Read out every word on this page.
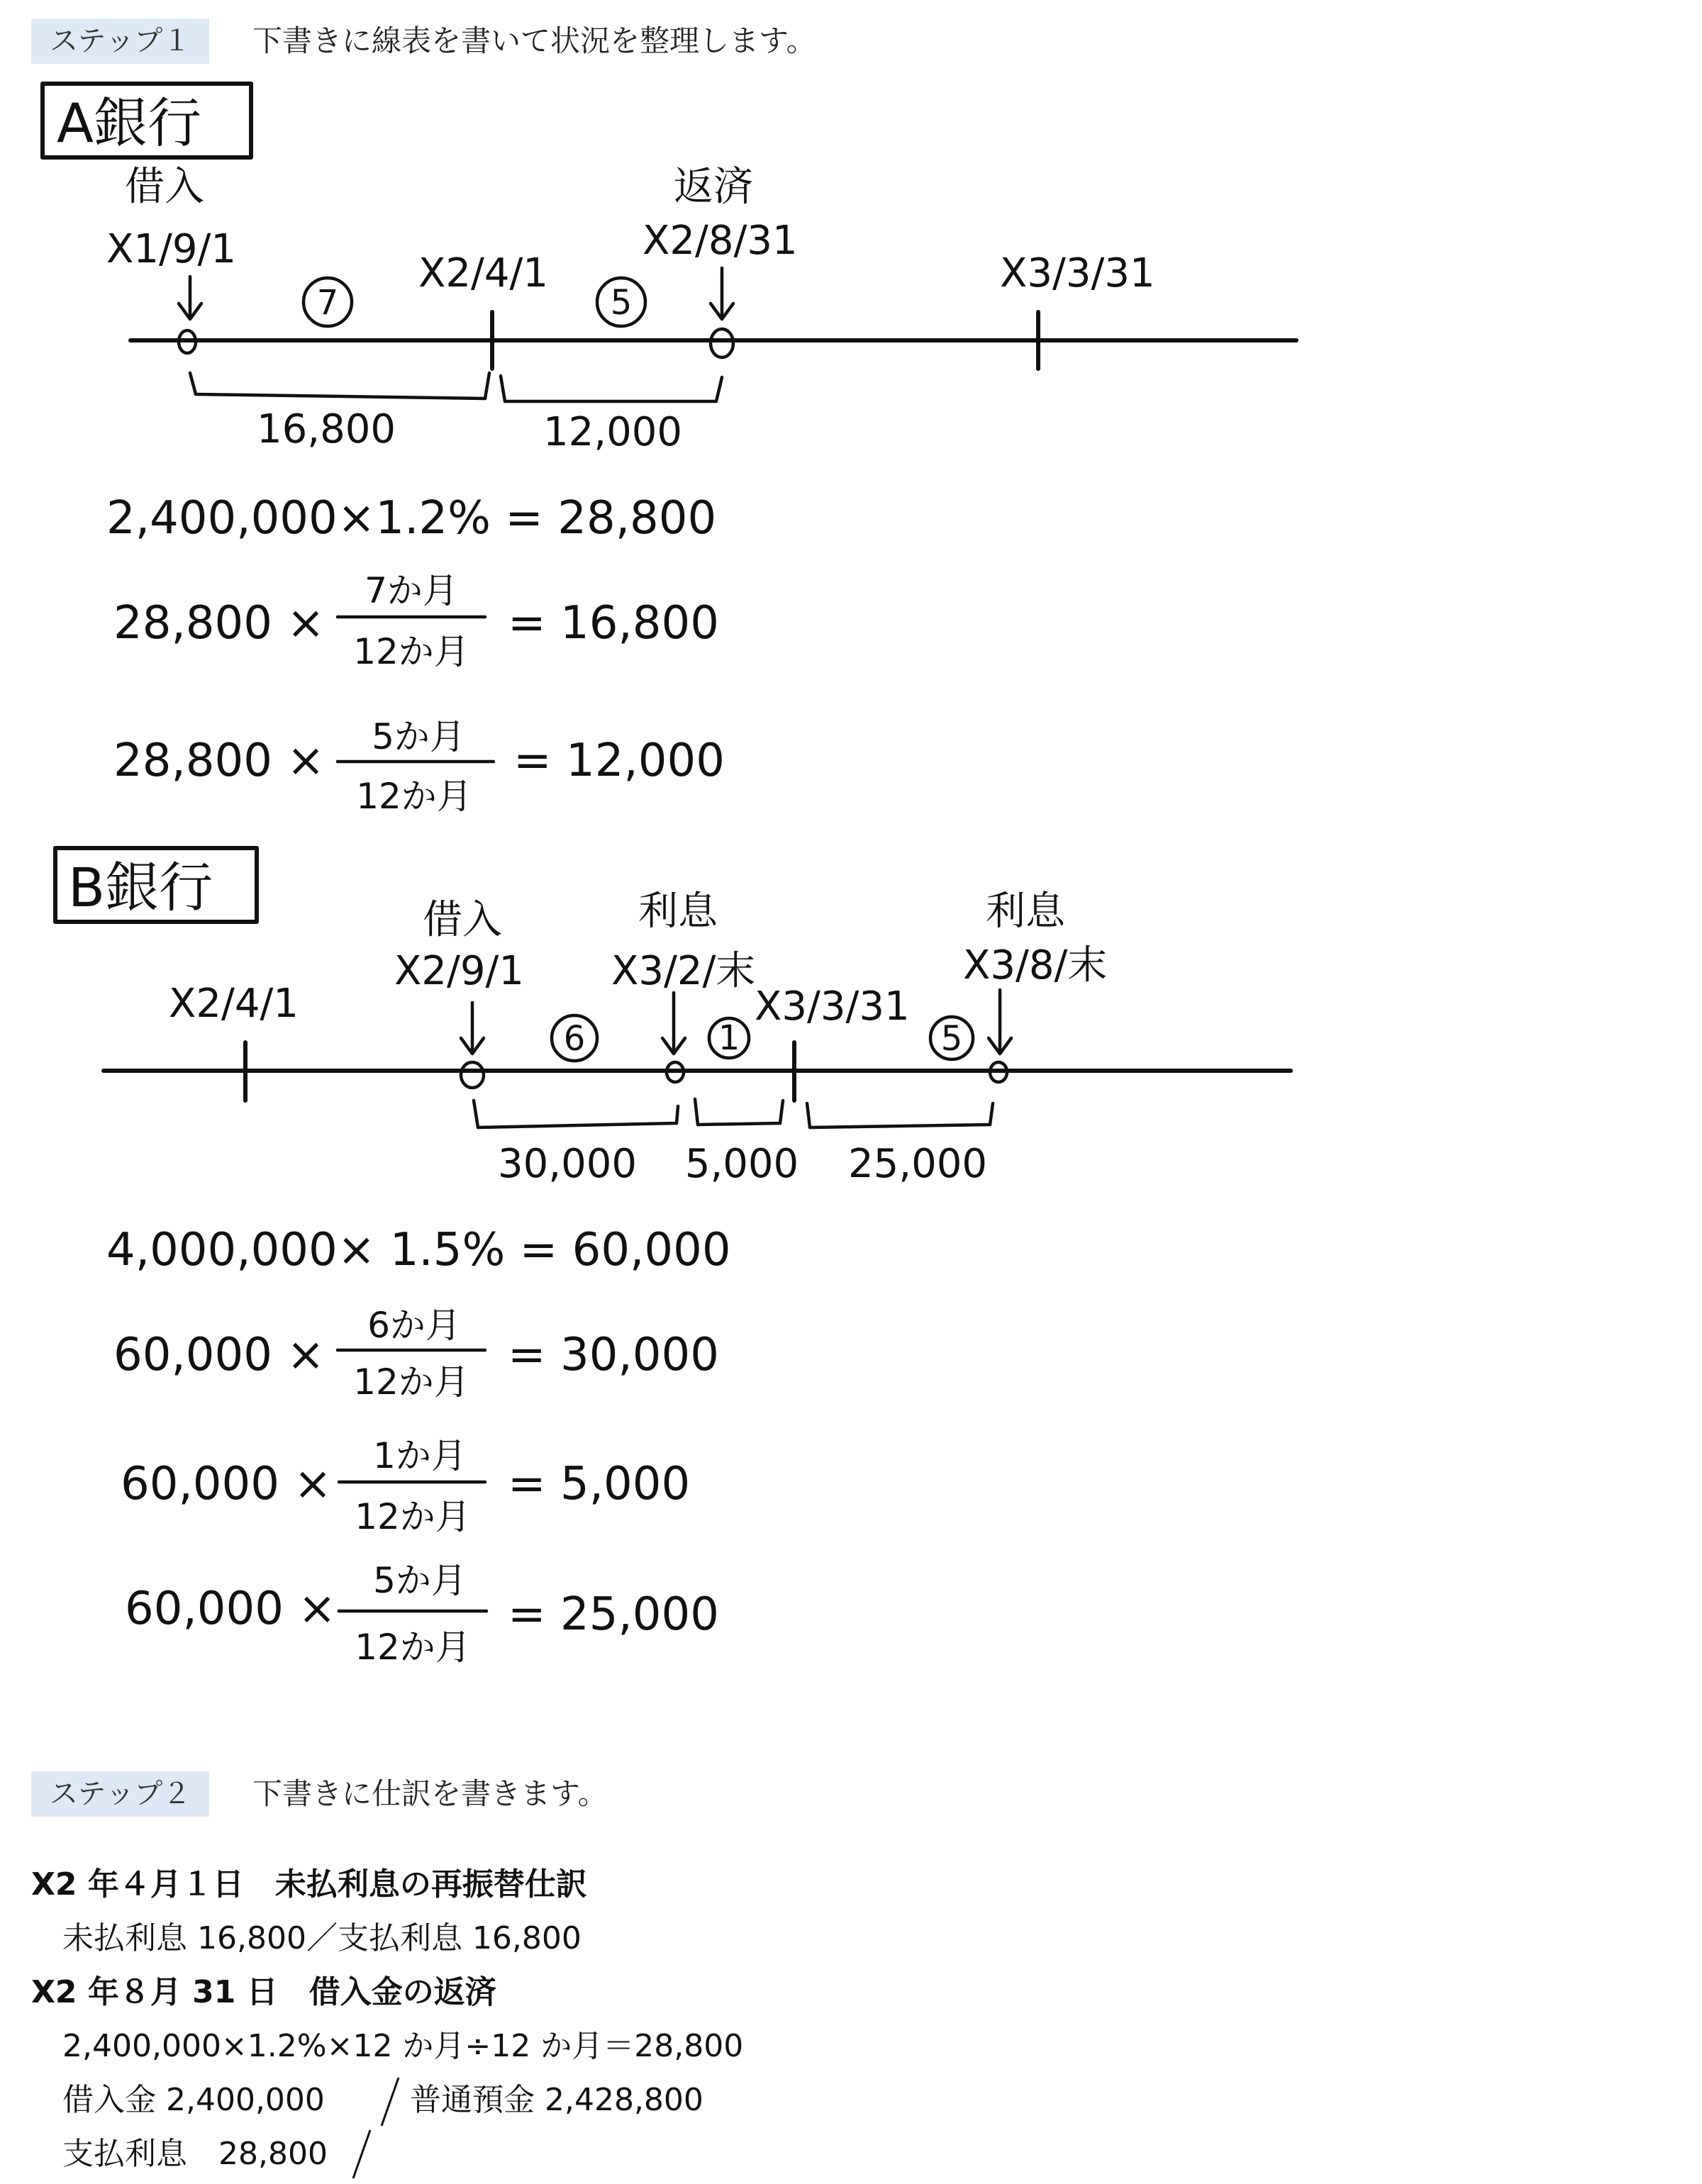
ステップ１	下書きに線表を書いて状況を整理します。
A銀行
借入
X1/9/1
返済
X2/8/31
X2/4/1	X3/3/31
7	5
16,800	12,000
2,400,000×1.2% = 28,800
28,800 ×
7か月
12か月
= 16,800
28,800 × 5か月
12か月
= 12,000
B銀行
借入
X2/9/1
利息
X3/2/末
利息
X3/8/末
X2/4/1	X3/3/31
6	1	5
30,000 5,000 25,000
4,000,000× 1.5% = 60,000
60,000 ×
6か月
12か月
= 30,000
60,000 ×
1か月
12か月
= 5,000
60,000 ×
5か月
12か月
= 25,000
ステップ２	下書きに仕訳を書きます。
X2 年４月１日　未払利息の再振替仕訳
未払利息 16,800／支払利息 16,800
X2 年８月 31 日　借入金の返済
2,400,000×1.2%×12 か月÷12 か月＝28,800
借入金 2,400,000	普通預金 2,428,800
支払利息　28,800
